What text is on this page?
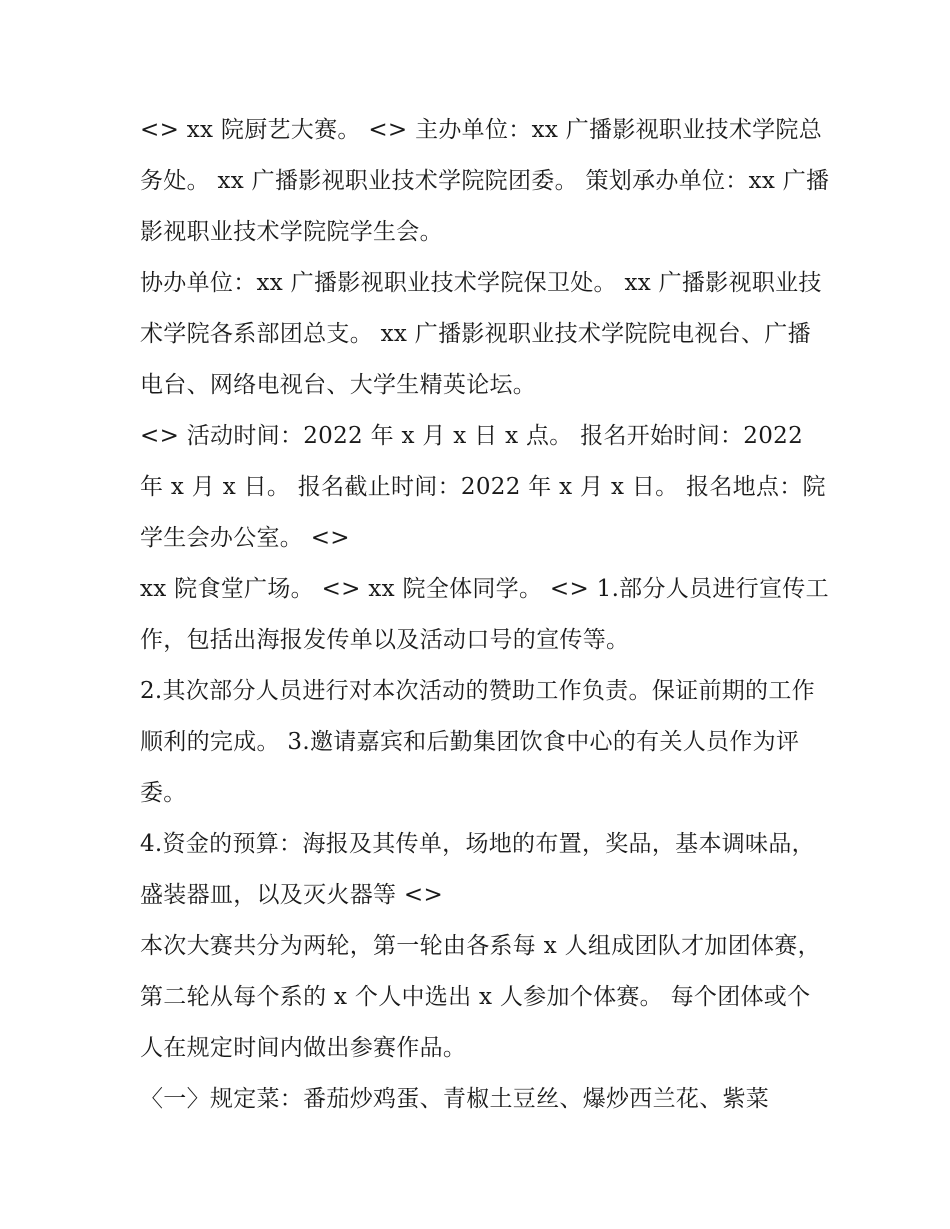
<> xx 院厨艺大赛。 <> 主办单位：xx 广播影视职业技术学院总务处。 xx 广播影视职业技术学院院团委。 策划承办单位：xx 广播影视职业技术学院院学生会。

协办单位：xx 广播影视职业技术学院保卫处。 xx 广播影视职业技术学院各系部团总支。 xx 广播影视职业技术学院院电视台、广播电台、网络电视台、大学生精英论坛。

<> 活动时间：2022 年 x 月 x 日 x 点。 报名开始时间：2022 年 x 月 x 日。 报名截止时间：2022 年 x 月 x 日。 报名地点：院学生会办公室。 <>

xx 院食堂广场。 <> xx 院全体同学。 <> 1.部分人员进行宣传工作，包括出海报发传单以及活动口号的宣传等。

2.其次部分人员进行对本次活动的赞助工作负责。保证前期的工作顺利的完成。 3.邀请嘉宾和后勤集团饮食中心的有关人员作为评委。

4.资金的预算：海报及其传单，场地的布置，奖品，基本调味品，盛装器皿，以及灭火器等 <>

本次大赛共分为两轮，第一轮由各系每 x 人组成团队才加团体赛，第二轮从每个系的 x 个人中选出 x 人参加个体赛。 每个团体或个人在规定时间内做出参赛作品。

〈一〉规定菜：番茄炒鸡蛋、青椒土豆丝、爆炒西兰花、紫菜
